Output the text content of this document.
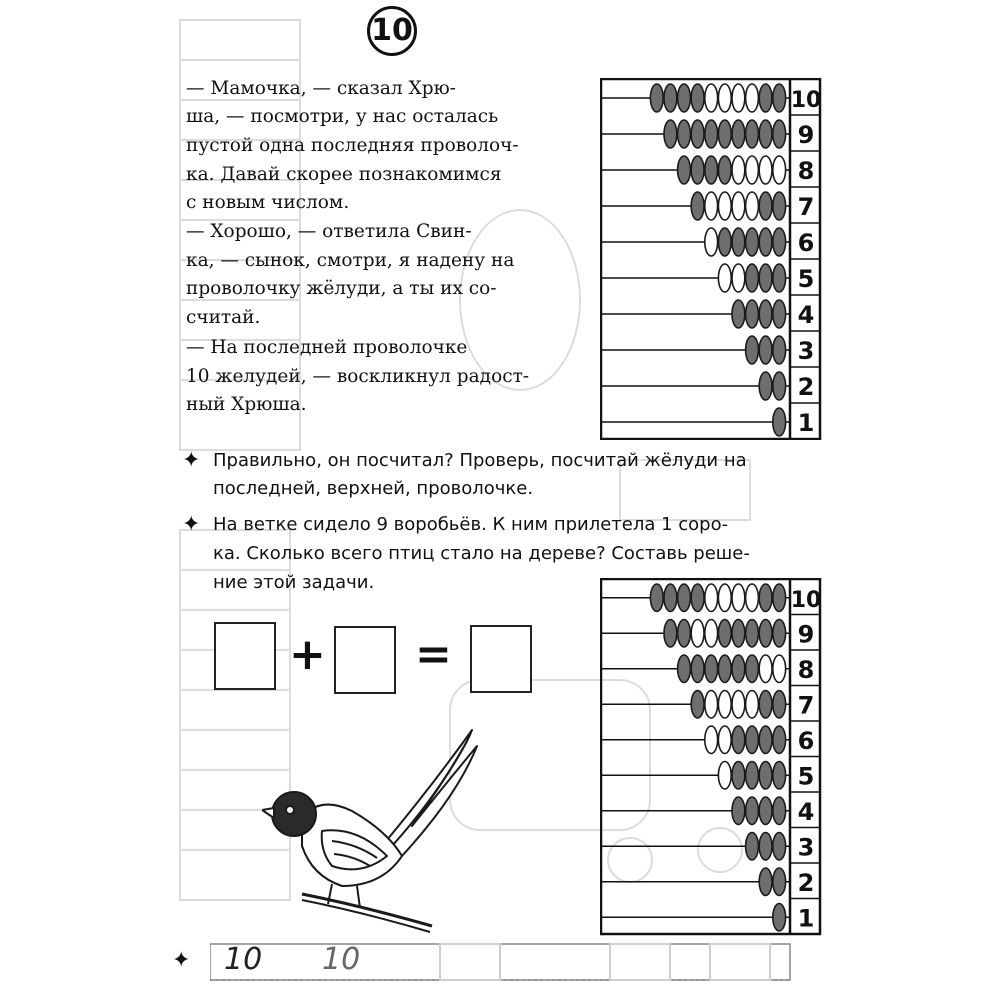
10
— Мамочка, — сказал Хрю-
ша, — посмотри, у нас осталась
пустой одна последняя проволоч-
ка. Давай скорее познакомимся
с новым числом.
— Хорошо, — ответила Свин-
ка, — сынок, смотри, я надену на
проволочку жёлуди, а ты их со-
считай.
— На последней проволочке
10 желудей, — воскликнул радост-
ный Хрюша.
✦ Правильно, он посчитал? Проверь, посчитай жёлуди на
последней, верхней, проволочке.
✦ На ветке сидело 9 воробьёв. К ним прилетела 1 соро-
ка. Сколько всего птиц стало на дереве? Составь реше-
ние этой задачи.
+ =
10
9
8
7
6
5
4
3
2
1
10
9
8
7
6
5
4
3
2
1
✦ 10 10
